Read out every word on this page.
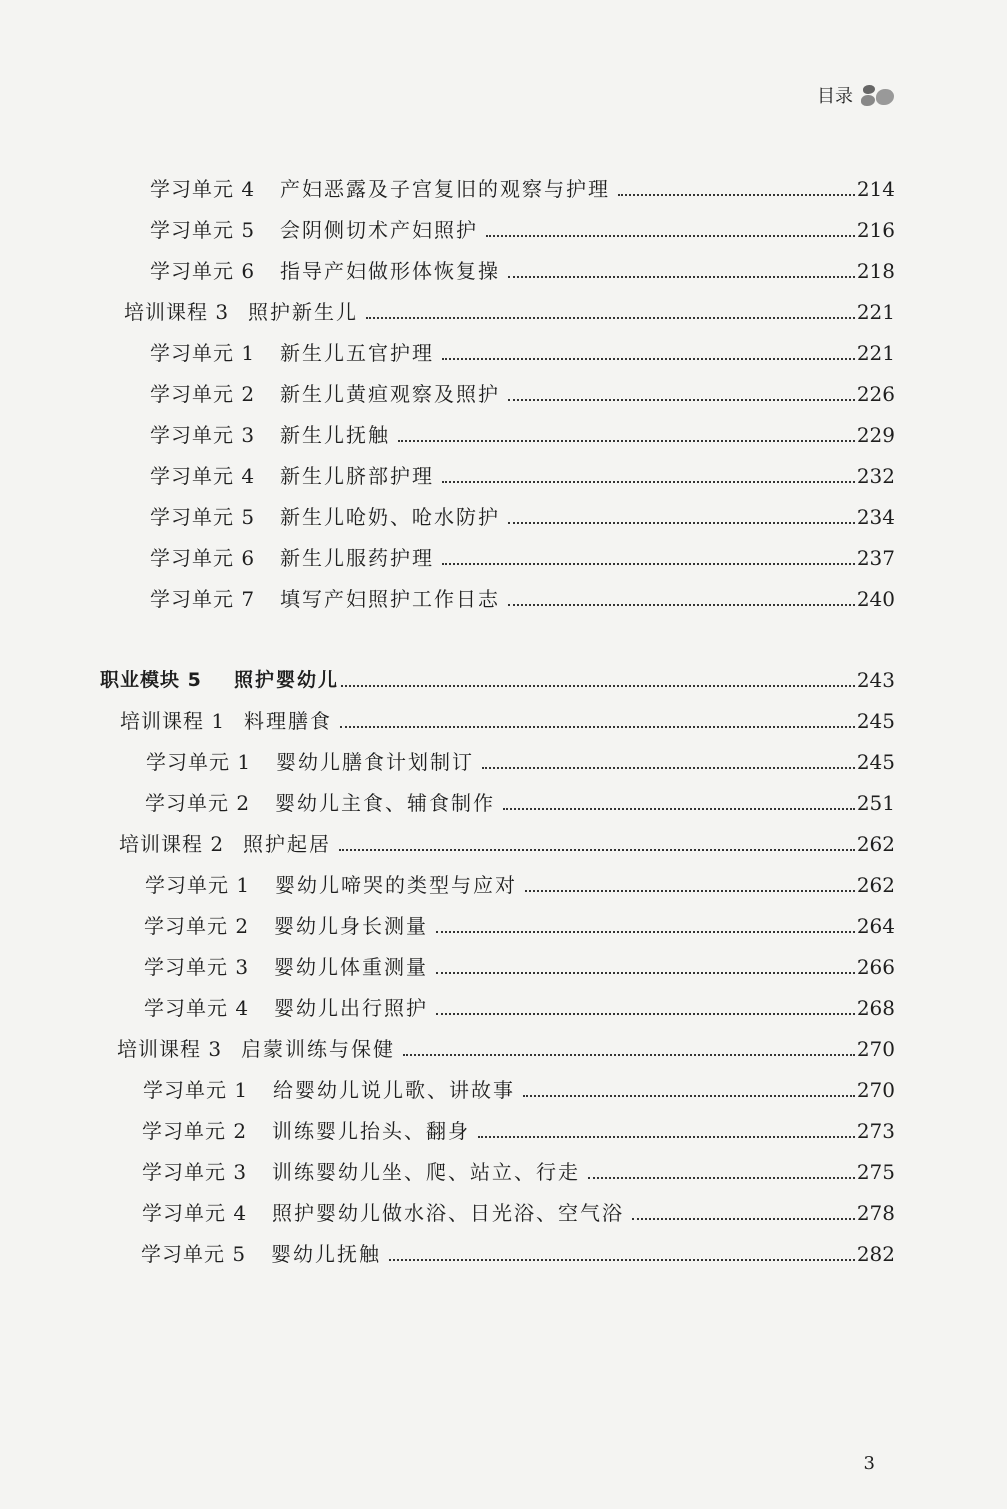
目录
学习单元 4	产妇恶露及子宫复旧的观察与护理	214
学习单元 5	会阴侧切术产妇照护	216
学习单元 6	指导产妇做形体恢复操	218
培训课程 3 照护新生儿	221
学习单元 1	新生儿五官护理	221
学习单元 2	新生儿黄疸观察及照护	226
学习单元 3	新生儿抚触	229
学习单元 4	新生儿脐部护理	232
学习单元 5	新生儿呛奶、呛水防护	234
学习单元 6	新生儿服药护理	237
学习单元 7	填写产妇照护工作日志	240
职业模块 5	照护婴幼儿	243
培训课程 1 料理膳食	245
学习单元 1	婴幼儿膳食计划制订	245
学习单元 2	婴幼儿主食、辅食制作	251
培训课程 2 照护起居	262
学习单元 1	婴幼儿啼哭的类型与应对	262
学习单元 2	婴幼儿身长测量	264
学习单元 3	婴幼儿体重测量	266
学习单元 4	婴幼儿出行照护	268
培训课程 3 启蒙训练与保健	270
学习单元 1	给婴幼儿说儿歌、讲故事	270
学习单元 2	训练婴儿抬头、翻身	273
学习单元 3	训练婴幼儿坐、爬、站立、行走	275
学习单元 4	照护婴幼儿做水浴、日光浴、空气浴	278
学习单元 5	婴幼儿抚触	282
3
